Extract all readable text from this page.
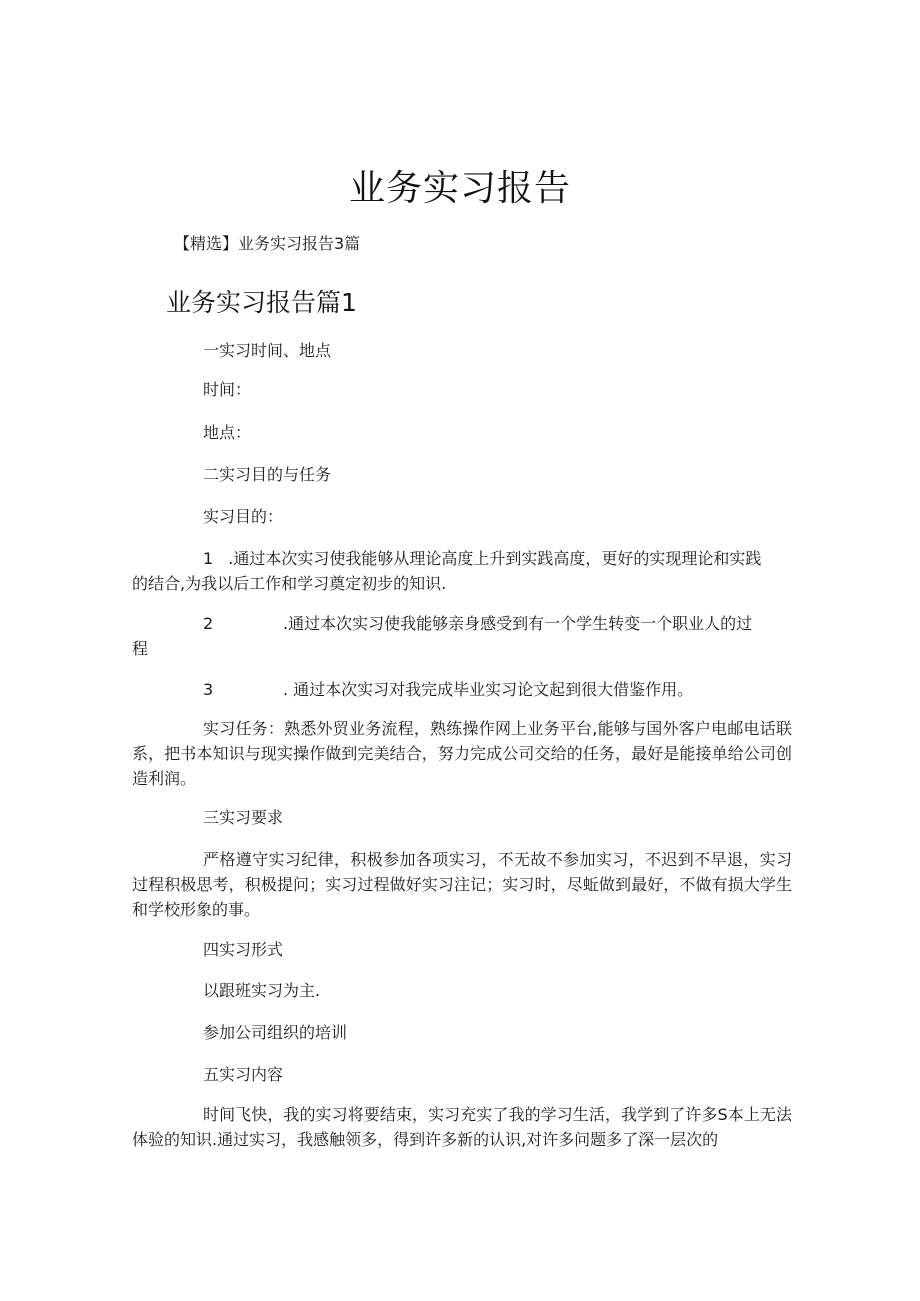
业务实习报告
【精选】业务实习报告3篇
业务实习报告篇1
一实习时间、地点
时间：
地点：
二实习目的与任务
实习目的：
1 .通过本次实习使我能够从理论高度上升到实践高度，更好的实现理论和实践
的结合,为我以后工作和学习奠定初步的知识.
2	.通过本次实习使我能够亲身感受到有一个学生转变一个职业人的过
程
3	. 通过本次实习对我完成毕业实习论文起到很大借鉴作用。
实习任务：熟悉外贸业务流程，熟练操作网上业务平台,能够与国外客户电邮电话联系，把书本知识与现实操作做到完美结合，努力完成公司交给的任务，最好是能接单给公司创造利润。
三实习要求
严格遵守实习纪律，积极参加各项实习，不无故不参加实习，不迟到不早退，实习过程积极思考，积极提问；实习过程做好实习注记；实习时，尽蚯做到最好，不做有损大学生和学校形象的事。
四实习形式
以跟班实习为主.
参加公司组织的培训
五实习内容
时间飞快，我的实习将要结束，实习充实了我的学习生活，我学到了许多S本上无法体验的知识.通过实习，我感触领多，得到许多新的认识,对许多问题多了深一层次的
